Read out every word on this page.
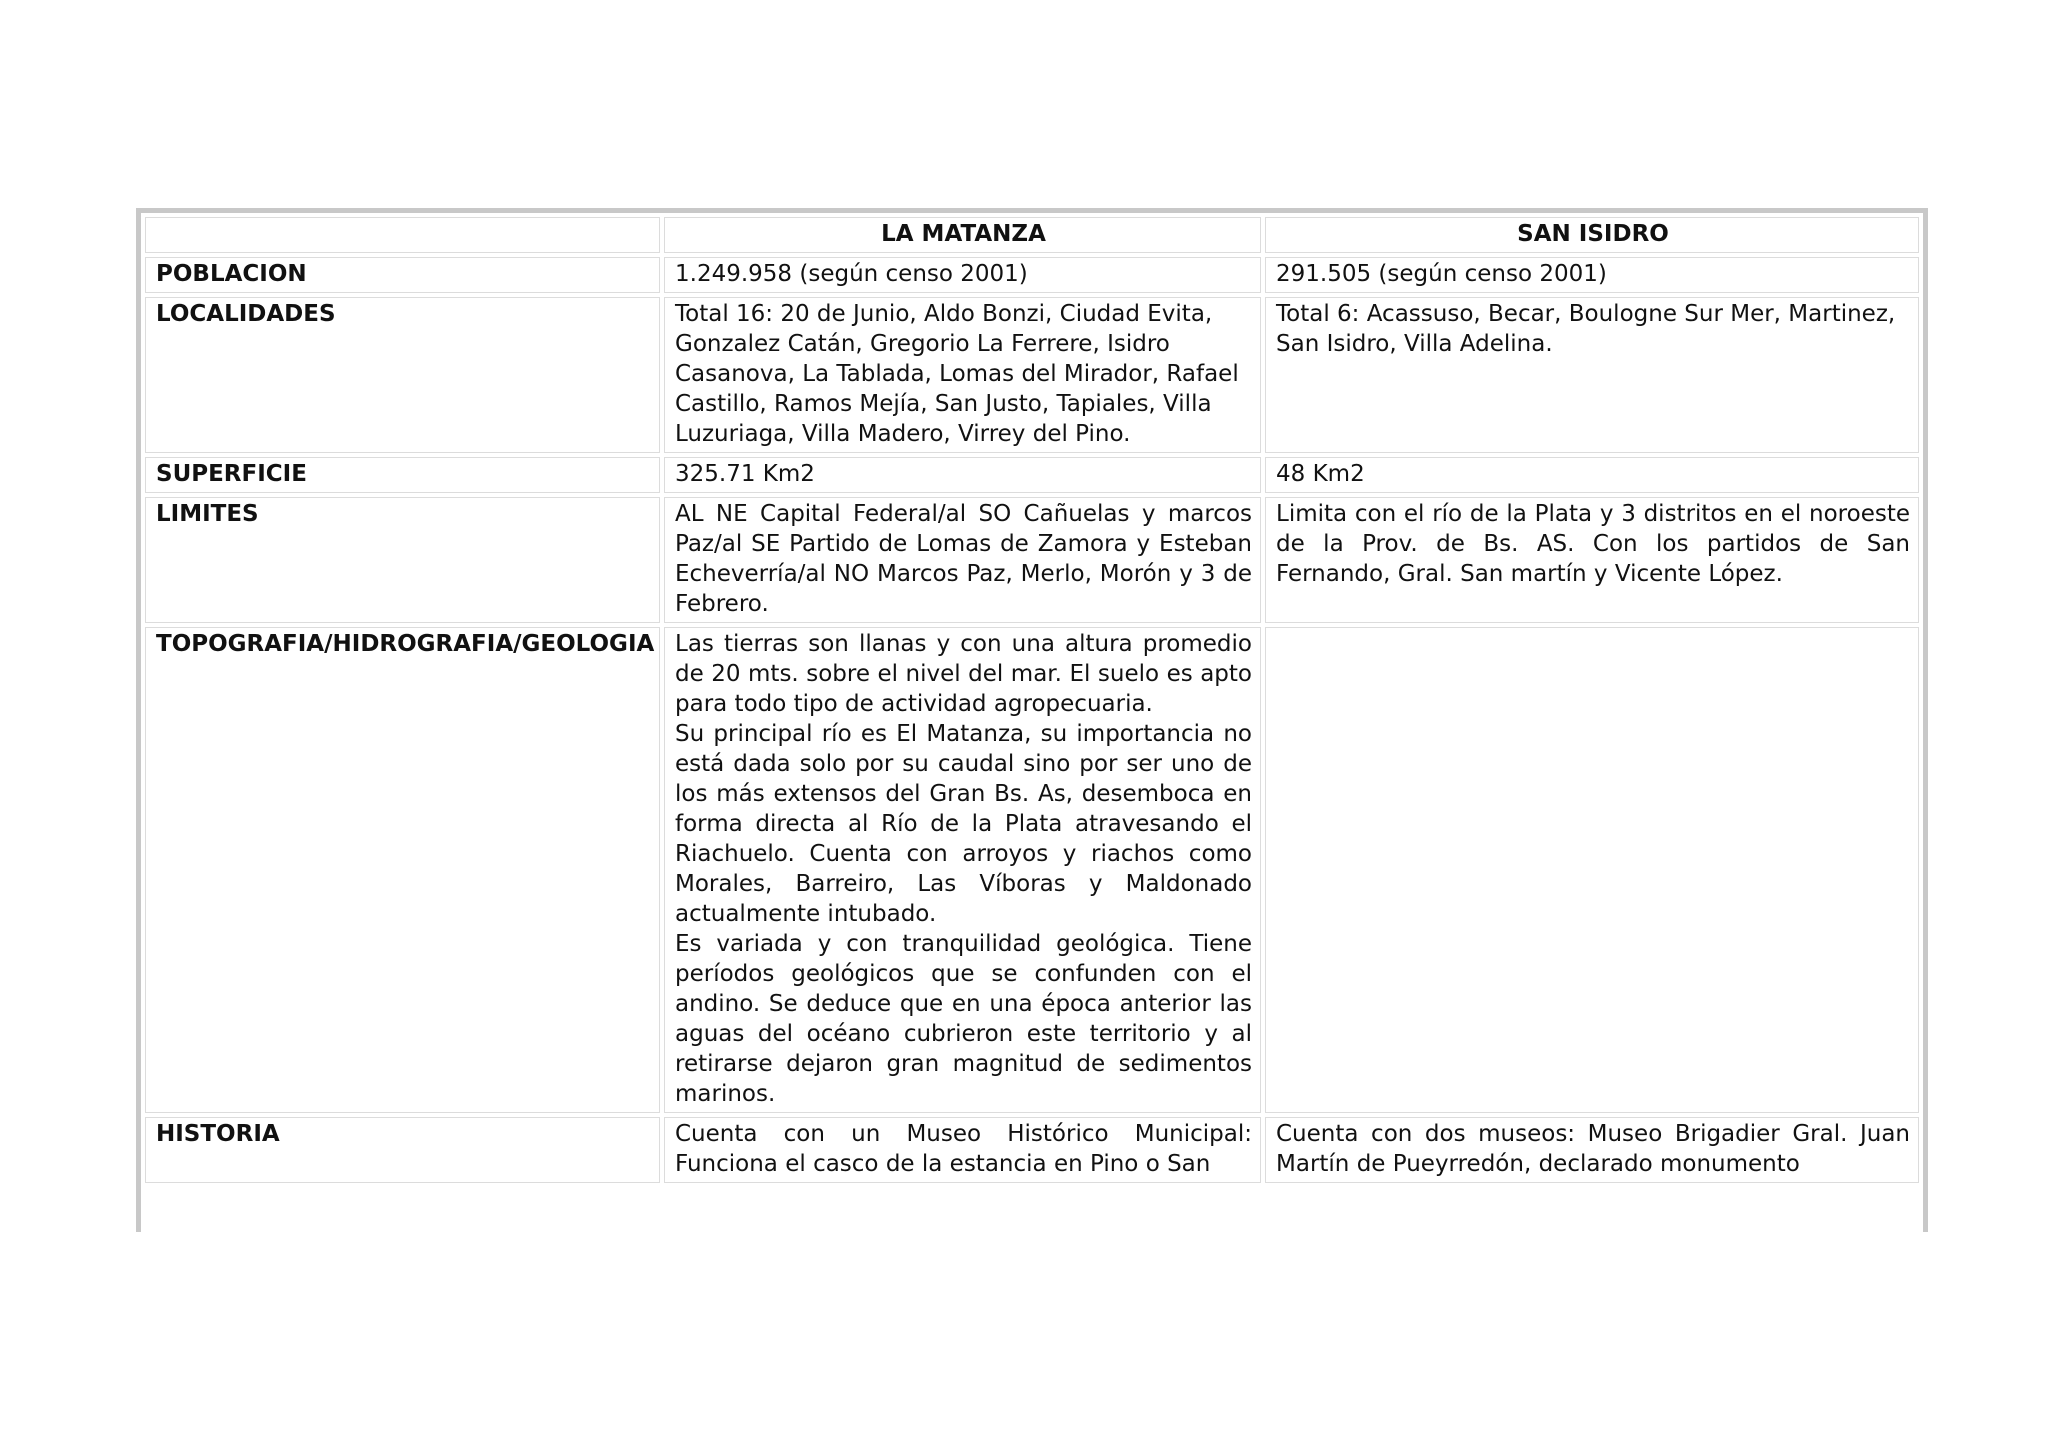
	LA MATANZA	SAN ISIDRO
POBLACION	1.249.958 (según censo 2001)	291.505 (según censo 2001)
LOCALIDADES	Total 16: 20 de Junio, Aldo Bonzi, Ciudad Evita, Gonzalez Catán, Gregorio La Ferrere, Isidro Casanova, La Tablada, Lomas del Mirador, Rafael Castillo, Ramos Mejía, San Justo, Tapiales, Villa Luzuriaga, Villa Madero, Virrey del Pino.	Total 6: Acassuso, Becar, Boulogne Sur Mer, Martinez, San Isidro, Villa Adelina.
SUPERFICIE	325.71 Km2	48 Km2
LIMITES	AL NE Capital Federal/al SO Cañuelas y marcos Paz/al SE Partido de Lomas de Zamora y Esteban Echeverría/al NO Marcos Paz, Merlo, Morón y 3 de Febrero.	Limita con el río de la Plata y 3 distritos en el noroeste de la Prov. de Bs. AS. Con los partidos de San Fernando, Gral. San martín y Vicente López.
TOPOGRAFIA/HIDROGRAFIA/GEOLOGIA	Las tierras son llanas y con una altura promedio de 20 mts. sobre el nivel del mar. El suelo es apto para todo tipo de actividad agropecuaria.
Su principal río es El Matanza, su importancia no está dada solo por su caudal sino por ser uno de los más extensos del Gran Bs. As, desemboca en forma directa al Río de la Plata atravesando el Riachuelo. Cuenta con arroyos y riachos como Morales, Barreiro, Las Víboras y Maldonado actualmente intubado.
Es variada y con tranquilidad geológica. Tiene períodos geológicos que se confunden con el andino. Se deduce que en una época anterior las aguas del océano cubrieron este territorio y al retirarse dejaron gran magnitud de sedimentos marinos.	

HISTORIA	Cuenta con un Museo Histórico Municipal: Funciona el casco de la estancia en Pino o San	Cuenta con dos museos: Museo Brigadier Gral. Juan Martín de Pueyrredón, declarado monumento
